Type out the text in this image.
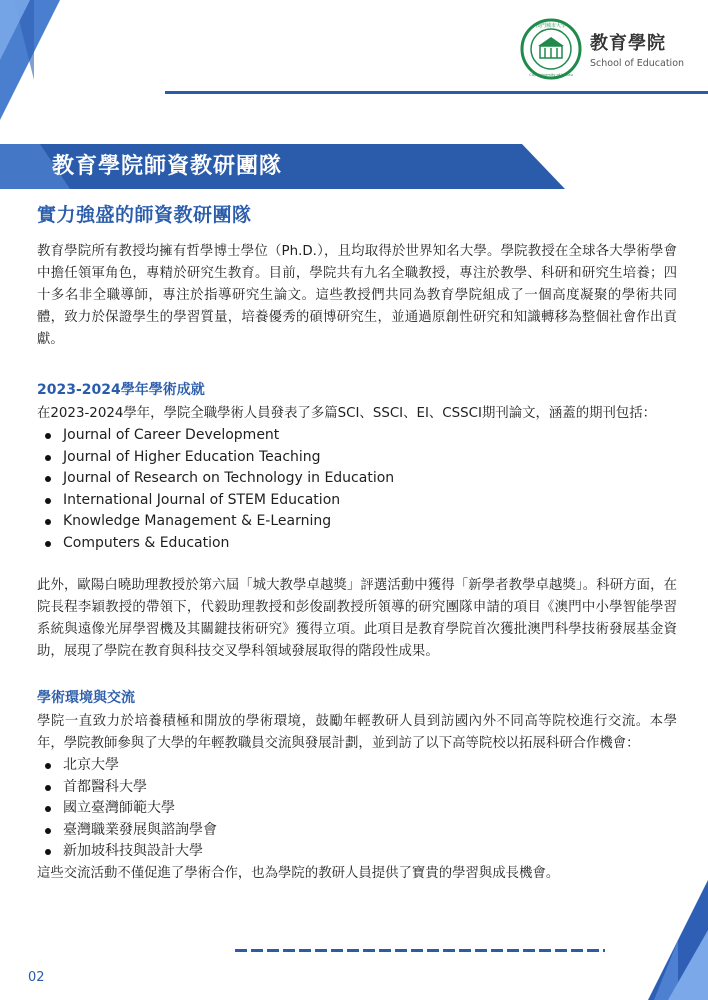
澳門城市大學
City University of Macau
教育學院
School of Education
教育學院師資教研團隊
實力強盛的師資教研團隊

教育學院所有教授均擁有哲學博士學位（Ph.D.），且均取得於世界知名大學。學院教授在全球各大學術學會中擔任領軍角色，專精於研究生教育。目前，學院共有九名全職教授，專注於教學、科研和研究生培養；四十多名非全職導師，專注於指導研究生論文。這些教授們共同為教育學院組成了一個高度凝聚的學術共同體，致力於保證學生的學習質量，培養優秀的碩博研究生，並通過原創性研究和知識轉移為整個社會作出貢獻。

2023-2024學年學術成就

在2023-2024學年，學院全職學術人員發表了多篇SCI、SSCI、EI、CSSCI期刊論文，涵蓋的期刊包括：

Journal of Career Development
Journal of Higher Education Teaching
Journal of Research on Technology in Education
International Journal of STEM Education
Knowledge Management & E-Learning
Computers & Education

此外，歐陽白曉助理教授於第六屆「城大教學卓越獎」評選活動中獲得「新學者教學卓越獎」。科研方面，在院長程李穎教授的帶領下，代毅助理教授和彭俊副教授所領導的研究團隊申請的項目《澳門中小學智能學習系統與遠像光屏學習機及其關鍵技術研究》獲得立項。此項目是教育學院首次獲批澳門科學技術發展基金資助，展現了學院在教育與科技交叉學科領域發展取得的階段性成果。

學術環境與交流

學院一直致力於培養積極和開放的學術環境，鼓勵年輕教研人員到訪國內外不同高等院校進行交流。本學年，學院教師參與了大學的年輕教職員交流與發展計劃，並到訪了以下高等院校以拓展科研合作機會：

北京大學
首都醫科大學
國立臺灣師範大學
臺灣職業發展與諮詢學會
新加坡科技與設計大學

這些交流活動不僅促進了學術合作，也為學院的教研人員提供了寶貴的學習與成長機會。

02
